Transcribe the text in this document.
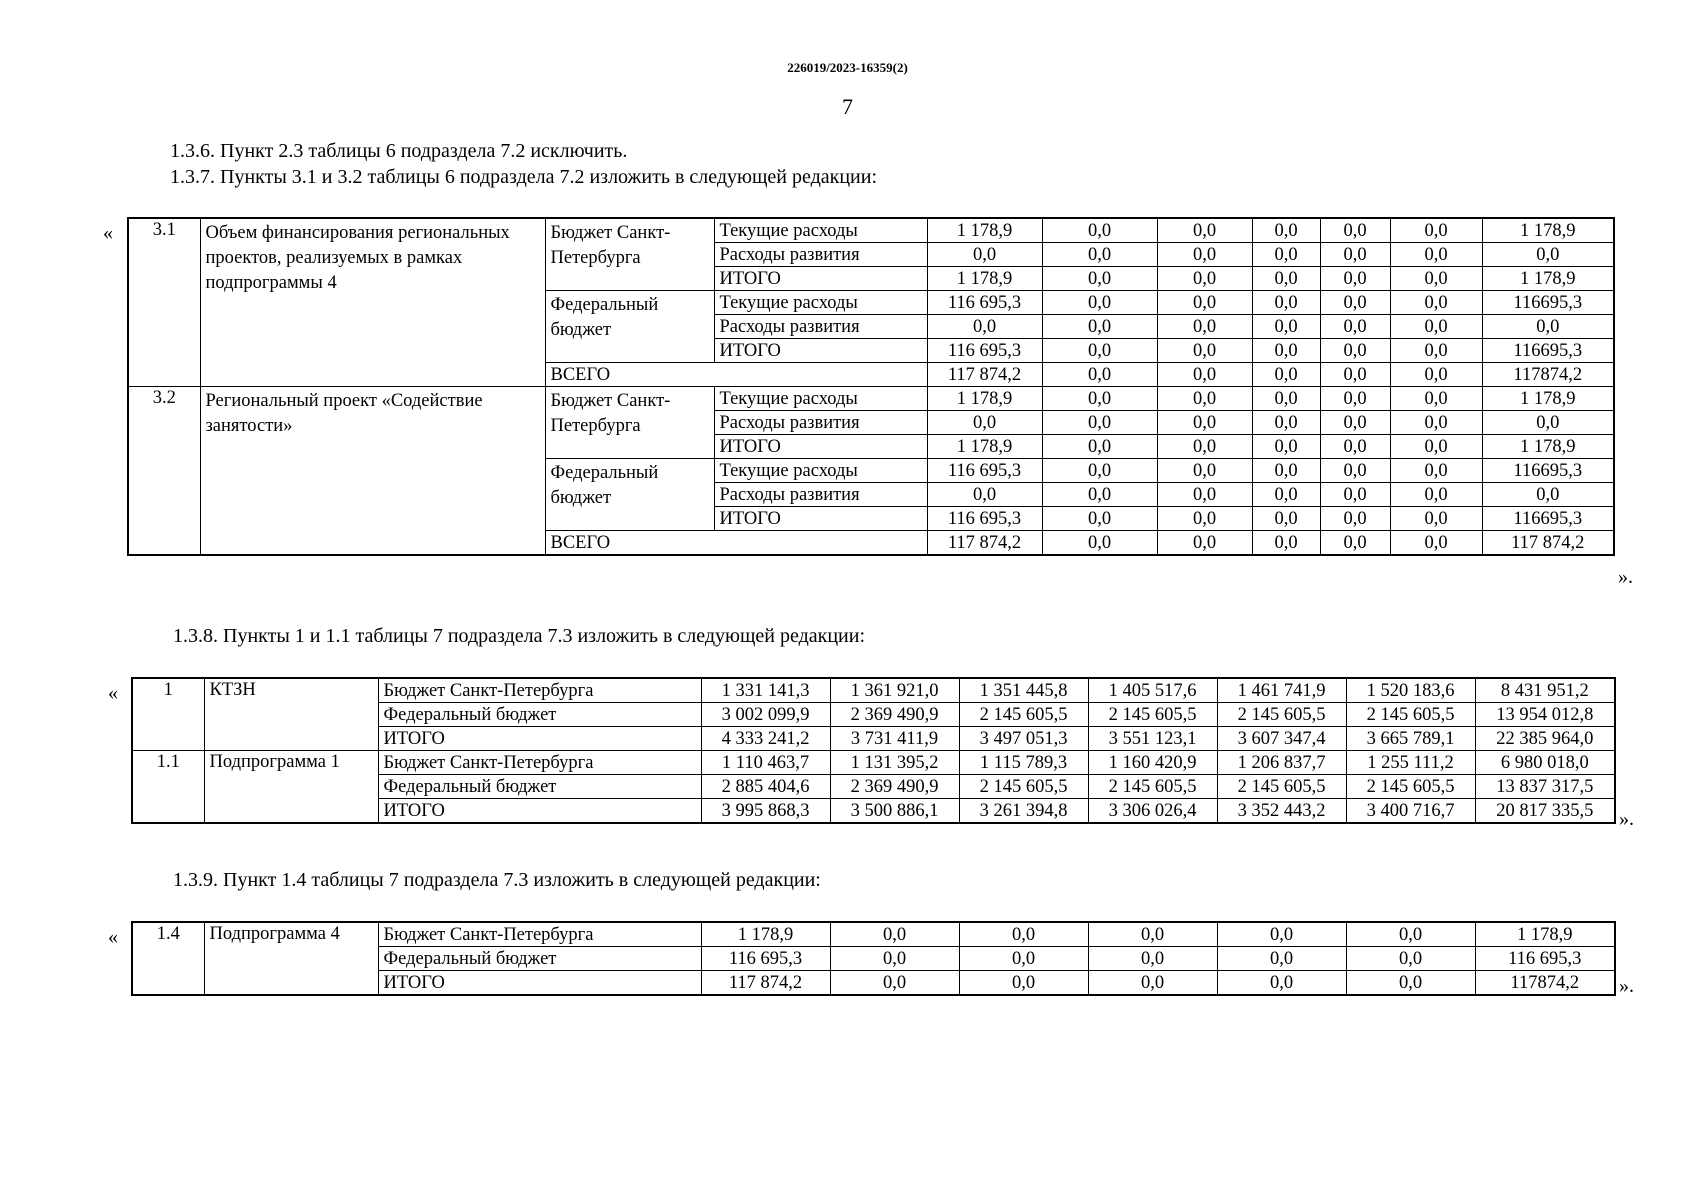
226019/2023-16359(2)
7
1.3.6. Пункт 2.3 таблицы 6 подраздела 7.2 исключить.
1.3.7. Пункты 3.1 и 3.2 таблицы 6 подраздела 7.2 изложить в следующей редакции:
« 3.1	Объем финансирования региональных проектов, реализуемых в рамках подпрограммы 4	Бюджет Санкт-Петербурга	Текущие расходы	1 178,9	0,0	0,0	0,0	0,0	0,0	1 178,9
			Расходы развития	0,0	0,0	0,0	0,0	0,0	0,0	0,0
			ИТОГО	1 178,9	0,0	0,0	0,0	0,0	0,0	1 178,9
		Федеральный бюджет	Текущие расходы	116 695,3	0,0	0,0	0,0	0,0	0,0	116695,3
			Расходы развития	0,0	0,0	0,0	0,0	0,0	0,0	0,0
			ИТОГО	116 695,3	0,0	0,0	0,0	0,0	0,0	116695,3
		ВСЕГО		117 874,2	0,0	0,0	0,0	0,0	0,0	117874,2
3.2	Региональный проект «Содействие занятости»	Бюджет Санкт-Петербурга	Текущие расходы	1 178,9	0,0	0,0	0,0	0,0	0,0	1 178,9
			Расходы развития	0,0	0,0	0,0	0,0	0,0	0,0	0,0
			ИТОГО	1 178,9	0,0	0,0	0,0	0,0	0,0	1 178,9
		Федеральный бюджет	Текущие расходы	116 695,3	0,0	0,0	0,0	0,0	0,0	116695,3
			Расходы развития	0,0	0,0	0,0	0,0	0,0	0,0	0,0
			ИТОГО	116 695,3	0,0	0,0	0,0	0,0	0,0	116695,3
		ВСЕГО		117 874,2	0,0	0,0	0,0	0,0	0,0	117 874,2
».
1.3.8. Пункты 1 и 1.1 таблицы 7 подраздела 7.3 изложить в следующей редакции:
« 1	КТЗН	Бюджет Санкт-Петербурга	1 331 141,3	1 361 921,0	1 351 445,8	1 405 517,6	1 461 741,9	1 520 183,6	8 431 951,2
		Федеральный бюджет	3 002 099,9	2 369 490,9	2 145 605,5	2 145 605,5	2 145 605,5	2 145 605,5	13 954 012,8
		ИТОГО	4 333 241,2	3 731 411,9	3 497 051,3	3 551 123,1	3 607 347,4	3 665 789,1	22 385 964,0
1.1	Подпрограмма 1	Бюджет Санкт-Петербурга	1 110 463,7	1 131 395,2	1 115 789,3	1 160 420,9	1 206 837,7	1 255 111,2	6 980 018,0
		Федеральный бюджет	2 885 404,6	2 369 490,9	2 145 605,5	2 145 605,5	2 145 605,5	2 145 605,5	13 837 317,5
		ИТОГО	3 995 868,3	3 500 886,1	3 261 394,8	3 306 026,4	3 352 443,2	3 400 716,7	20 817 335,5 ».
1.3.9. Пункт 1.4 таблицы 7 подраздела 7.3 изложить в следующей редакции:
« 1.4	Подпрограмма 4	Бюджет Санкт-Петербурга	1 178,9	0,0	0,0	0,0	0,0	0,0	1 178,9
		Федеральный бюджет	116 695,3	0,0	0,0	0,0	0,0	0,0	116 695,3
		ИТОГО	117 874,2	0,0	0,0	0,0	0,0	0,0	117874,2 ».
